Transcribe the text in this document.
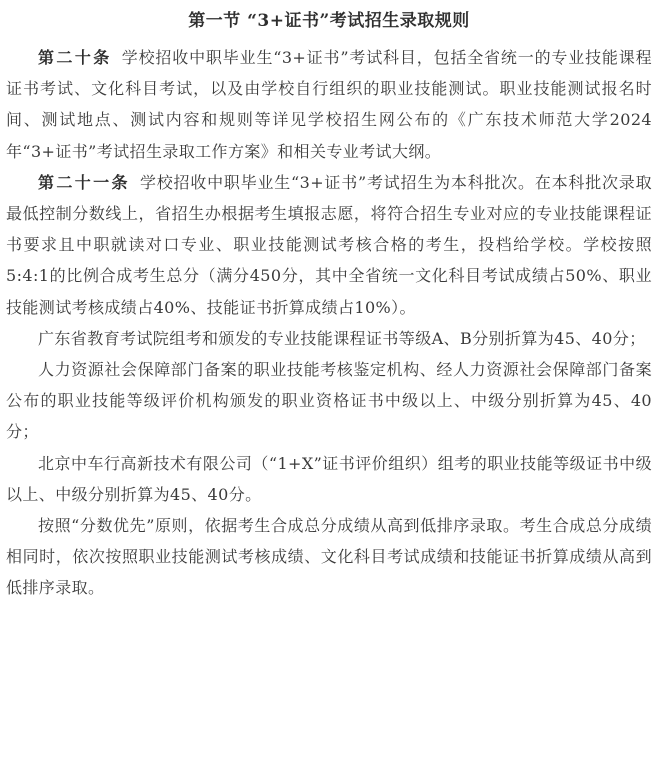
第一节 “3+证书”考试招生录取规则

第二十条 学校招收中职毕业生“3+证书”考试科目，包括全省统一的专业技能课程证书考试、文化科目考试，以及由学校自行组织的职业技能测试。职业技能测试报名时间、测试地点、测试内容和规则等详见学校招生网公布的《广东技术师范大学2024年“3+证书”考试招生录取工作方案》和相关专业考试大纲。

第二十一条 学校招收中职毕业生“3+证书”考试招生为本科批次。在本科批次录取最低控制分数线上，省招生办根据考生填报志愿，将符合招生专业对应的专业技能课程证书要求且中职就读对口专业、职业技能测试考核合格的考生，投档给学校。学校按照5:4:1的比例合成考生总分（满分450分，其中全省统一文化科目考试成绩占50%、职业技能测试考核成绩占40%、技能证书折算成绩占10%）。

广东省教育考试院组考和颁发的专业技能课程证书等级A、B分别折算为45、40分；

人力资源社会保障部门备案的职业技能考核鉴定机构、经人力资源社会保障部门备案公布的职业技能等级评价机构颁发的职业资格证书中级以上、中级分别折算为45、40分；

北京中车行高新技术有限公司（“1+X”证书评价组织）组考的职业技能等级证书中级以上、中级分别折算为45、40分。

按照“分数优先”原则，依据考生合成总分成绩从高到低排序录取。考生合成总分成绩相同时，依次按照职业技能测试考核成绩、文化科目考试成绩和技能证书折算成绩从高到低排序录取。
